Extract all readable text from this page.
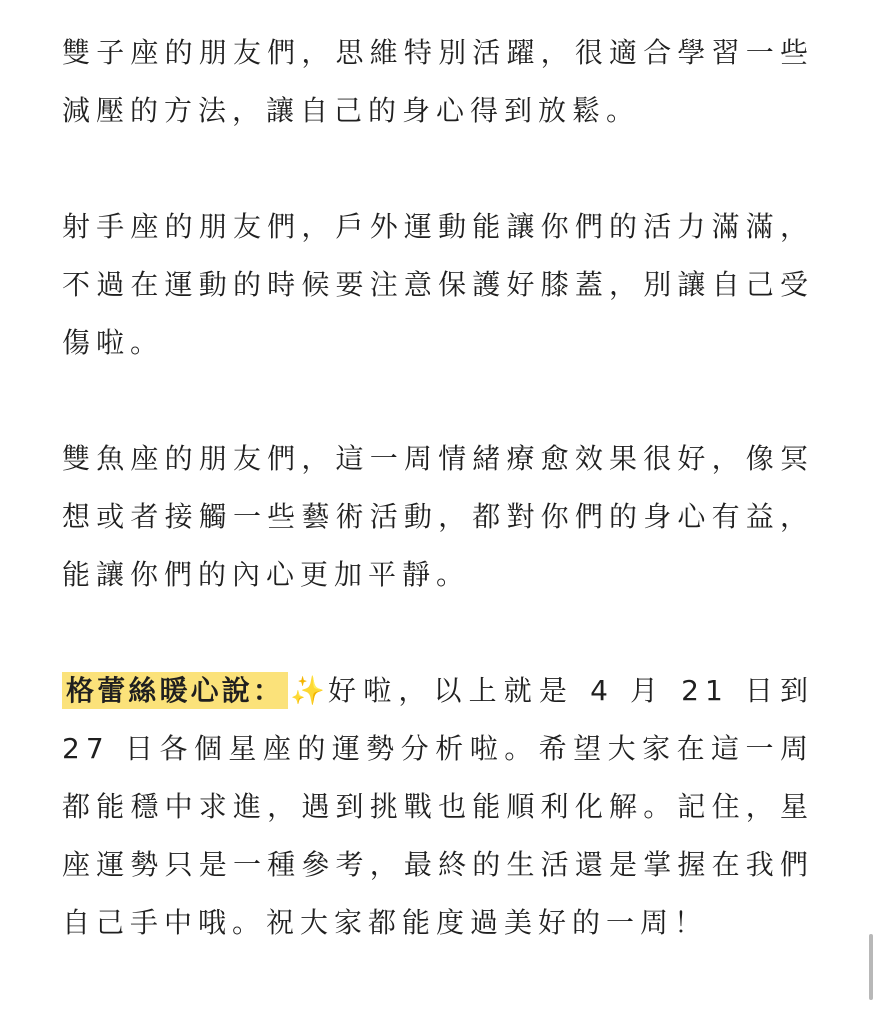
雙子座的朋友們，思維特別活躍，很適合學習一些減壓的方法，讓自己的身心得到放鬆。

射手座的朋友們，戶外運動能讓你們的活力滿滿，不過在運動的時候要注意保護好膝蓋，別讓自己受傷啦。

雙魚座的朋友們，這一周情緒療愈效果很好，像冥想或者接觸一些藝術活動，都對你們的身心有益，能讓你們的內心更加平靜。

格蕾絲暖心說： ✨好啦，以上就是 4 月 21 日到 27 日各個星座的運勢分析啦。希望大家在這一周都能穩中求進，遇到挑戰也能順利化解。記住，星座運勢只是一種參考，最終的生活還是掌握在我們自己手中哦。祝大家都能度過美好的一周！
